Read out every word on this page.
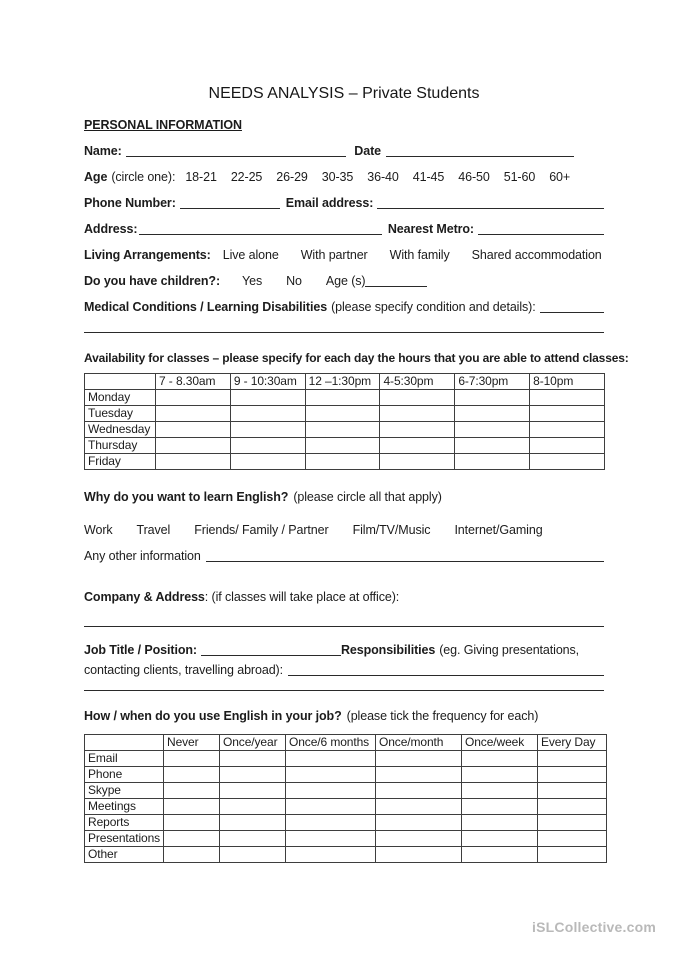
NEEDS ANALYSIS – Private Students
PERSONAL INFORMATION
Name:	Date
Age (circle one): 18-21 22-25 26-29 30-35 36-40 41-45 46-50 51-60 60+
Phone Number:	Email address:
Address:	Nearest Metro:
Living Arrangements: Live alone With partner With family Shared accommodation
Do you have children?: Yes No Age (s)
Medical Conditions / Learning Disabilities (please specify condition and details):
Availability for classes – please specify for each day the hours that you are able to attend classes:
	7 - 8.30am	9 - 10:30am	12 –1:30pm	4-5:30pm	6-7:30pm	8-10pm
Monday						
Tuesday						
Wednesday						
Thursday						
Friday						
Why do you want to learn English? (please circle all that apply)
Work Travel Friends/ Family / Partner Film/TV/Music Internet/Gaming
Any other information
Company & Address : (if classes will take place at office):
Job Title / Position:	Responsibilities (eg. Giving presentations,
contacting clients, travelling abroad):
How / when do you use English in your job? (please tick the frequency for each)
	Never	Once/year	Once/6 months	Once/month	Once/week	Every Day
Email						
Phone						
Skype						
Meetings						
Reports						
Presentations						
Other						
iSLCollective.com
